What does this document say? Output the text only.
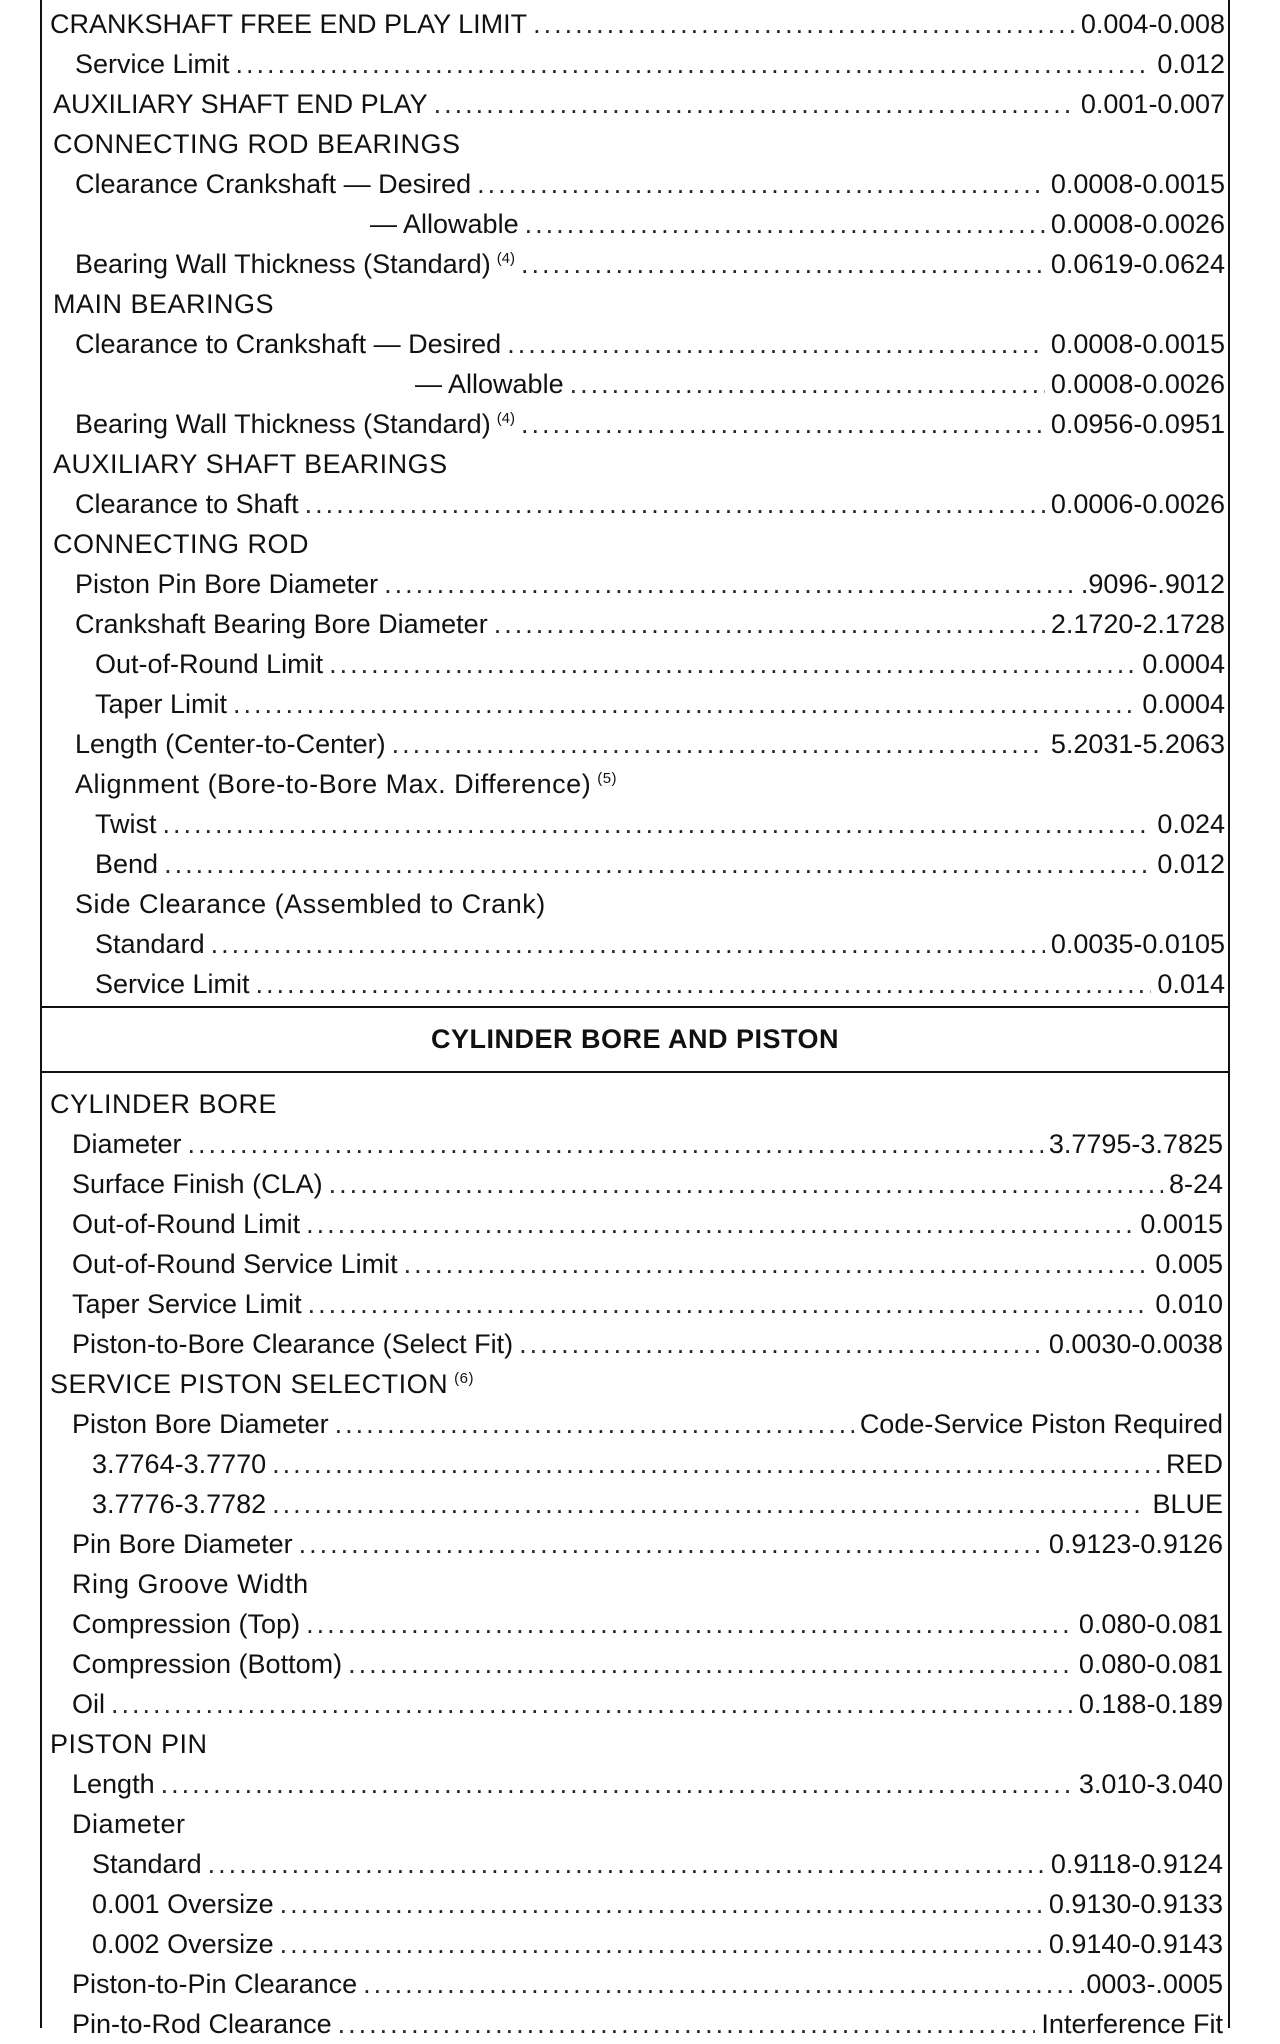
CYLINDER BORE AND PISTON
CRANKSHAFT FREE END PLAY LIMIT .....	0.004-0.008
Service Limit .....	0.012
AUXILIARY SHAFT END PLAY .....	0.001-0.007
CONNECTING ROD BEARINGS
Clearance Crankshaft — Desired .....	0.0008-0.0015
— Allowable .....	0.0008-0.0026
Bearing Wall Thickness (Standard) $^{(4)}$ .....	0.0619-0.0624
MAIN BEARINGS
Clearance to Crankshaft — Desired .....	0.0008-0.0015
— Allowable .....	0.0008-0.0026
Bearing Wall Thickness (Standard) $^{(4)}$ .....	0.0956-0.0951
AUXILIARY SHAFT BEARINGS
Clearance to Shaft .....	0.0006-0.0026
CONNECTING ROD
Piston Pin Bore Diameter .....	.9096-.9012
Crankshaft Bearing Bore Diameter .....	2.1720-2.1728
Out-of-Round Limit .....	0.0004
Taper Limit .....	0.0004
Length (Center-to-Center) .....	5.2031-5.2063
Alignment (Bore-to-Bore Max. Difference) $^{(5)}$
Twist .....	0.024
Bend .....	0.012
Side Clearance (Assembled to Crank)
Standard .....	0.0035-0.0105
Service Limit .....	0.014
CYLINDER BORE
Diameter .....	3.7795-3.7825
Surface Finish (CLA) .....	8-24
Out-of-Round Limit .....	0.0015
Out-of-Round Service Limit .....	0.005
Taper Service Limit .....	0.010
Piston-to-Bore Clearance (Select Fit) .....	0.0030-0.0038
SERVICE PISTON SELECTION $^{(6)}$
Piston Bore Diameter .....	Code-Service Piston Required
3.7764-3.7770 .....	RED
3.7776-3.7782 .....	BLUE
Pin Bore Diameter .....	0.9123-0.9126
Ring Groove Width
Compression (Top) .....	0.080-0.081
Compression (Bottom) .....	0.080-0.081
Oil .....	0.188-0.189
PISTON PIN
Length .....	3.010-3.040
Diameter
Standard .....	0.9118-0.9124
0.001 Oversize .....	0.9130-0.9133
0.002 Oversize .....	0.9140-0.9143
Piston-to-Pin Clearance .....	.0003-.0005
Pin-to-Rod Clearance .....	Interference Fit
